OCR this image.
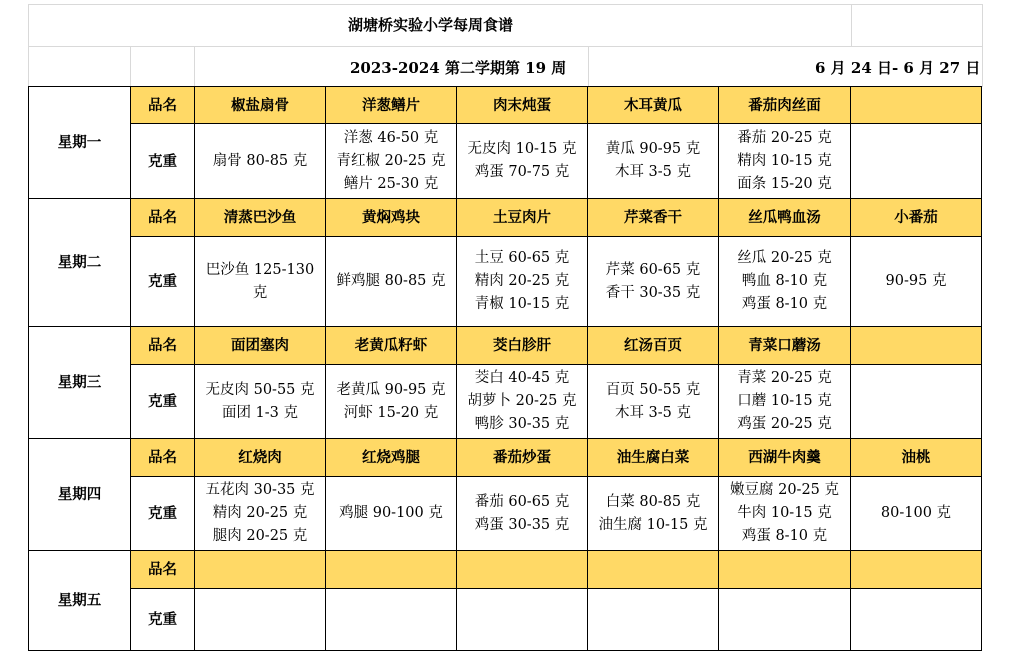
湖塘桥实验小学每周食谱
2023-2024 第二学期第 19 周	6 月 24 日- 6 月 27 日
星期一	品名	椒盐扇骨	洋葱鳝片	肉末炖蛋	木耳黄瓜	番茄肉丝面	
	克重	扇骨 80-85 克	洋葱 46-50 克
青红椒 20-25 克
鳝片 25-30 克	无皮肉 10-15 克
鸡蛋 70-75 克	黄瓜 90-95 克
木耳 3-5 克	番茄 20-25 克
精肉 10-15 克
面条 15-20 克	

星期二	品名	清蒸巴沙鱼	黄焖鸡块	土豆肉片	芹菜香干	丝瓜鸭血汤	小番茄
	克重	巴沙鱼 125-130
克	鲜鸡腿 80-85 克	土豆 60-65 克
精肉 20-25 克
青椒 10-15 克	芹菜 60-65 克
香干 30-35 克	丝瓜 20-25 克
鸭血 8-10 克
鸡蛋 8-10 克	90-95 克

星期三	品名	面团塞肉	老黄瓜籽虾	茭白胗肝	红汤百页	青菜口蘑汤	
	克重	无皮肉 50-55 克
面团 1-3 克	老黄瓜 90-95 克
河虾 15-20 克	茭白 40-45 克
胡萝卜 20-25 克
鸭胗 30-35 克	百页 50-55 克
木耳 3-5 克	青菜 20-25 克
口蘑 10-15 克
鸡蛋 20-25 克	

星期四	品名	红烧肉	红烧鸡腿	番茄炒蛋	油生腐白菜	西湖牛肉羹	油桃
	克重	五花肉 30-35 克
精肉 20-25 克
腿肉 20-25 克	鸡腿 90-100 克	番茄 60-65 克
鸡蛋 30-35 克	白菜 80-85 克
油生腐 10-15 克	嫩豆腐 20-25 克
牛肉 10-15 克
鸡蛋 8-10 克	80-100 克

星期五	品名						
	克重						
